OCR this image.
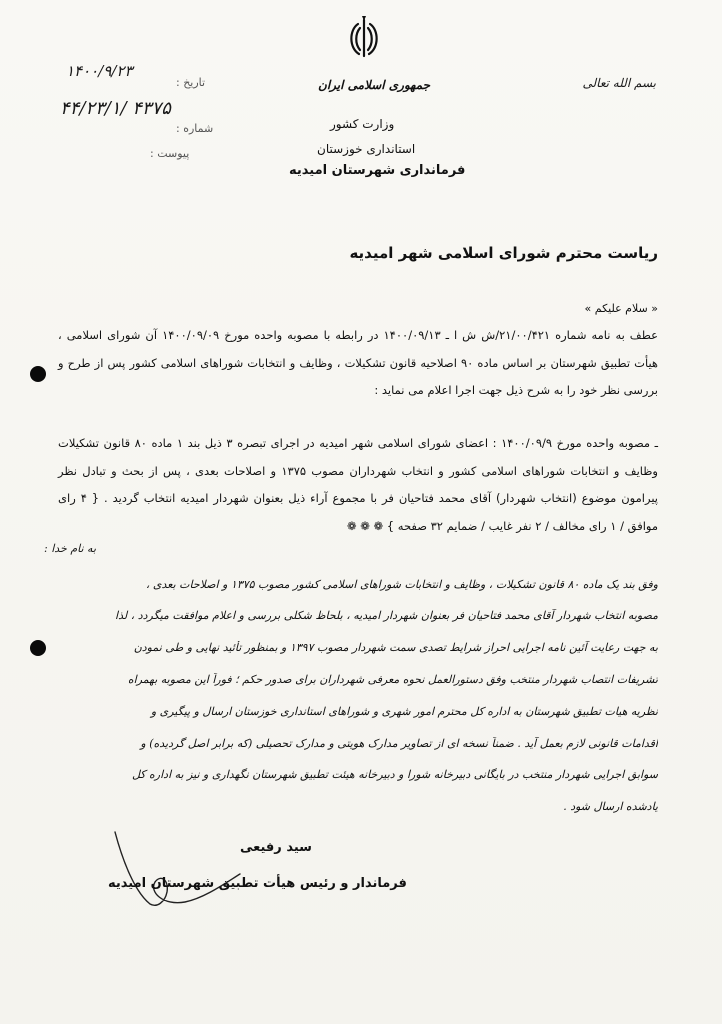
بسم الله تعالی
جمهوری اسلامی ایران
وزارت کشور
استانداری خوزستان
فرمانداری شهرستان امیدیه
تاریخ :
۱۴۰۰/۹/۲۳
شماره :
۴۴/۲۳/۱/ ۴۳۷۵
پیوست :
ریاست محترم شورای اسلامی شهر امیدیه
« سلام علیکم »
عطف به نامه شماره ۲۱/۰۰/۴۲۱/ش ش ا ـ ۱۴۰۰/۰۹/۱۳ در رابطه با مصوبه واحده مورخ ۱۴۰۰/۰۹/۰۹ آن شورای اسلامی ، هیأت تطبیق شهرستان بر اساس ماده ۹۰ اصلاحیه قانون تشکیلات ، وظایف و انتخابات شوراهای اسلامی کشور پس از طرح و بررسی نظر خود را به شرح ذیل جهت اجرا اعلام می نماید :
ـ مصوبه واحده مورخ ۱۴۰۰/۰۹/۹ : اعضای شورای اسلامی شهر امیدیه در اجرای تبصره ۳ ذیل بند ۱ ماده ۸۰ قانون تشکیلات وظایف و انتخابات شوراهای اسلامی کشور و انتخاب شهرداران مصوب ۱۳۷۵ و اصلاحات بعدی ، پس از بحث و تبادل نظر پیرامون موضوع (انتخاب شهردار) آقای محمد فتاحیان فر با مجموع آراء ذیل بعنوان شهردار امیدیه انتخاب گردید . { ۴ رای موافق / ۱ رای مخالف / ۲ نفر غایب / ضمایم ۳۲ صفحه } ❁ ❁ ❁
به نام خدا :
وفق بند یک ماده ۸۰ قانون تشکیلات ، وظایف و انتخابات شوراهای اسلامی کشور مصوب ۱۳۷۵ و اصلاحات بعدی ،
مصوبه انتخاب شهردار آقای محمد فتاحیان فر بعنوان شهردار امیدیه ، بلحاظ شکلی بررسی و اعلام موافقت میگردد ، لذا
به جهت رعایت آئین نامه اجرایی احراز شرایط تصدی سمت شهردار مصوب ۱۳۹۷ و بمنظور تأئید نهایی و طی نمودن
تشریفات انتصاب شهردار منتخب وفق دستورالعمل نحوه معرفی شهرداران برای صدور حکم ؛ فوراً این مصوبه بهمراه
نظریه هیات تطبیق شهرستان به اداره کل محترم امور شهری و شوراهای استانداری خوزستان ارسال و پیگیری و
اقدامات قانونی لازم بعمل آید . ضمناً نسخه ای از تصاویر مدارک هویتی و مدارک تحصیلی (که برابر اصل گردیده) و
سوابق اجرایی شهردار منتخب در بایگانی دبیرخانه شورا و دبیرخانه هیئت تطبیق شهرستان نگهداری و نیز به اداره کل
یادشده ارسال شود .
سید رفیعی
فرماندار و رئیس هیأت تطبیق شهرستان امیدیه
